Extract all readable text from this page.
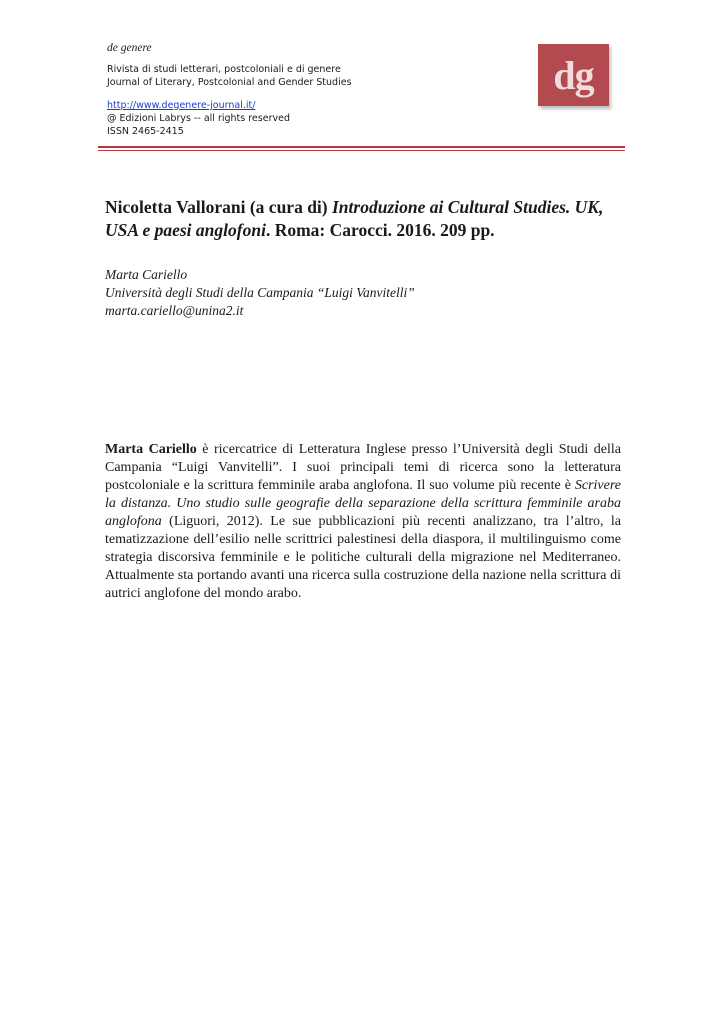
de genere

Rivista di studi letterari, postcoloniali e di genere

Journal of Literary, Postcolonial and Gender Studies

http://www.degenere-journal.it/

@ Edizioni Labrys -- all rights reserved

ISSN 2465-2415

dg
Nicoletta Vallorani (a cura di) Introduzione ai Cultural Studies. UK, USA e paesi anglofoni. Roma: Carocci. 2016. 209 pp.
Marta Cariello
Università degli Studi della Campania “Luigi Vanvitelli”
marta.cariello@unina2.it

Marta Cariello è ricercatrice di Letteratura Inglese presso l’Università degli Studi della Campania “Luigi Vanvitelli”. I suoi principali temi di ricerca sono la letteratura postcoloniale e la scrittura femminile araba anglofona. Il suo volume più recente è Scrivere la distanza. Uno studio sulle geografie della separazione della scrittura femminile araba anglofona (Liguori, 2012). Le sue pubblicazioni più recenti analizzano, tra l’altro, la tematizzazione dell’esilio nelle scrittrici palestinesi della diaspora, il multilinguismo come strategia discorsiva femminile e le politiche culturali della migrazione nel Mediterraneo. Attualmente sta portando avanti una ricerca sulla costruzione della nazione nella scrittura di autrici anglofone del mondo arabo.
